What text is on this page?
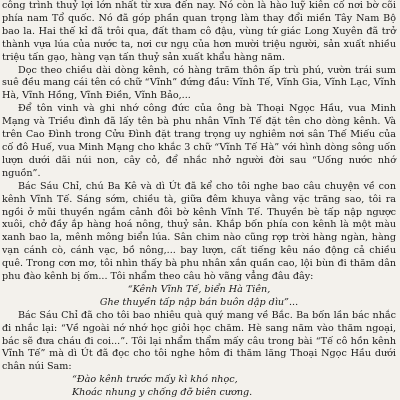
công trình thuỷ lợi lớn nhất từ xưa đến nay. Nó còn là hào luỹ kiên cố nơi bờ cõi phía nam Tổ quốc. Nó đã góp phần quan trọng làm thay đổi miền Tây Nam Bộ bao la. Hai thế kỉ đã trôi qua, đất tham cô đậu, vùng tứ giác Long Xuyên đã trở thành vựa lúa của nước ta, nơi cư ngụ của hơn mười triệu người, sản xuất nhiều triệu tấn gạo, hàng vạn tấn thuỷ sản xuất khẩu hàng năm.

Dọc theo chiều dài dòng kênh, có hàng trăm thôn ấp trù phú, vườn trái sum suê đều mang cái tên có chữ “Vĩnh” đứng đầu: Vĩnh Tế, Vĩnh Gia, Vĩnh Lạc, Vĩnh Hà, Vĩnh Hồng, Vĩnh Điền, Vĩnh Bảo,...

Để tôn vinh và ghi nhớ công đức của ông bà Thoại Ngọc Hầu, vua Minh Mạng và Triều đình đã lấy tên bà phu nhân Vĩnh Tế đặt tên cho dòng kênh. Và trên Cao Đình trong Cửu Đình đặt trang trọng uy nghiêm nơi sân Thế Miếu của cố đô Huế, vua Minh Mạng cho khắc 3 chữ “Vĩnh Tế Hà” với hình dòng sông uốn lượn dưới dãi núi non, cây cỏ, để nhắc nhở người đời sau “Uống nước nhớ nguồn”.

Bác Sáu Chỉ, chú Ba Kê và dì Út đã kể cho tôi nghe bao câu chuyện về con kênh Vĩnh Tế. Sáng sớm, chiều tà, giữa đêm khuya vằng vặc trăng sao, tôi ra ngồi ở mũi thuyền ngắm cảnh đôi bờ kênh Vĩnh Tế. Thuyền bè tấp nập ngược xuôi, chở đầy ắp hàng hoá nông, thuỷ sản. Khắp bốn phía con kênh là một màu xanh bao la, mênh mông biển lúa. Sân chim nào cũng rợp trời hàng ngàn, hàng vạn cánh cò, cánh vạc, bồ nông,... bay lượn, cất tiếng kêu náo động cả chiều quê. Trong cơn mơ, tôi nhìn thấy bà phu nhân xắn quần cao, lội bùn đi thăm dân phu đào kênh bị ốm... Tôi nhẩm theo câu hò vãng vẳng đâu đây:

“Kênh Vĩnh Tế, biển Hà Tiên,

Ghe thuyền tấp nập bán buôn dập dìu”...

Bác Sáu Chỉ đã cho tôi bao nhiêu quà quý mang về Bắc. Ba bốn lần bác nhắc đi nhắc lại: “Về ngoài nớ nhớ học giỏi học chăm. Hè sang năm vào thăm ngoại, bác sẽ đưa cháu đi coi...”. Tôi lại nhẩm thẩm mấy câu trong bài “Tế cô hồn kênh Vĩnh Tế” mà dì Út đã đọc cho tôi nghe hôm đi thăm lăng Thoại Ngọc Hầu dưới chân núi Sam:

“Đào kênh trước mấy kì khó nhọc,

Khoác nhung y chống đỡ biên cương.
